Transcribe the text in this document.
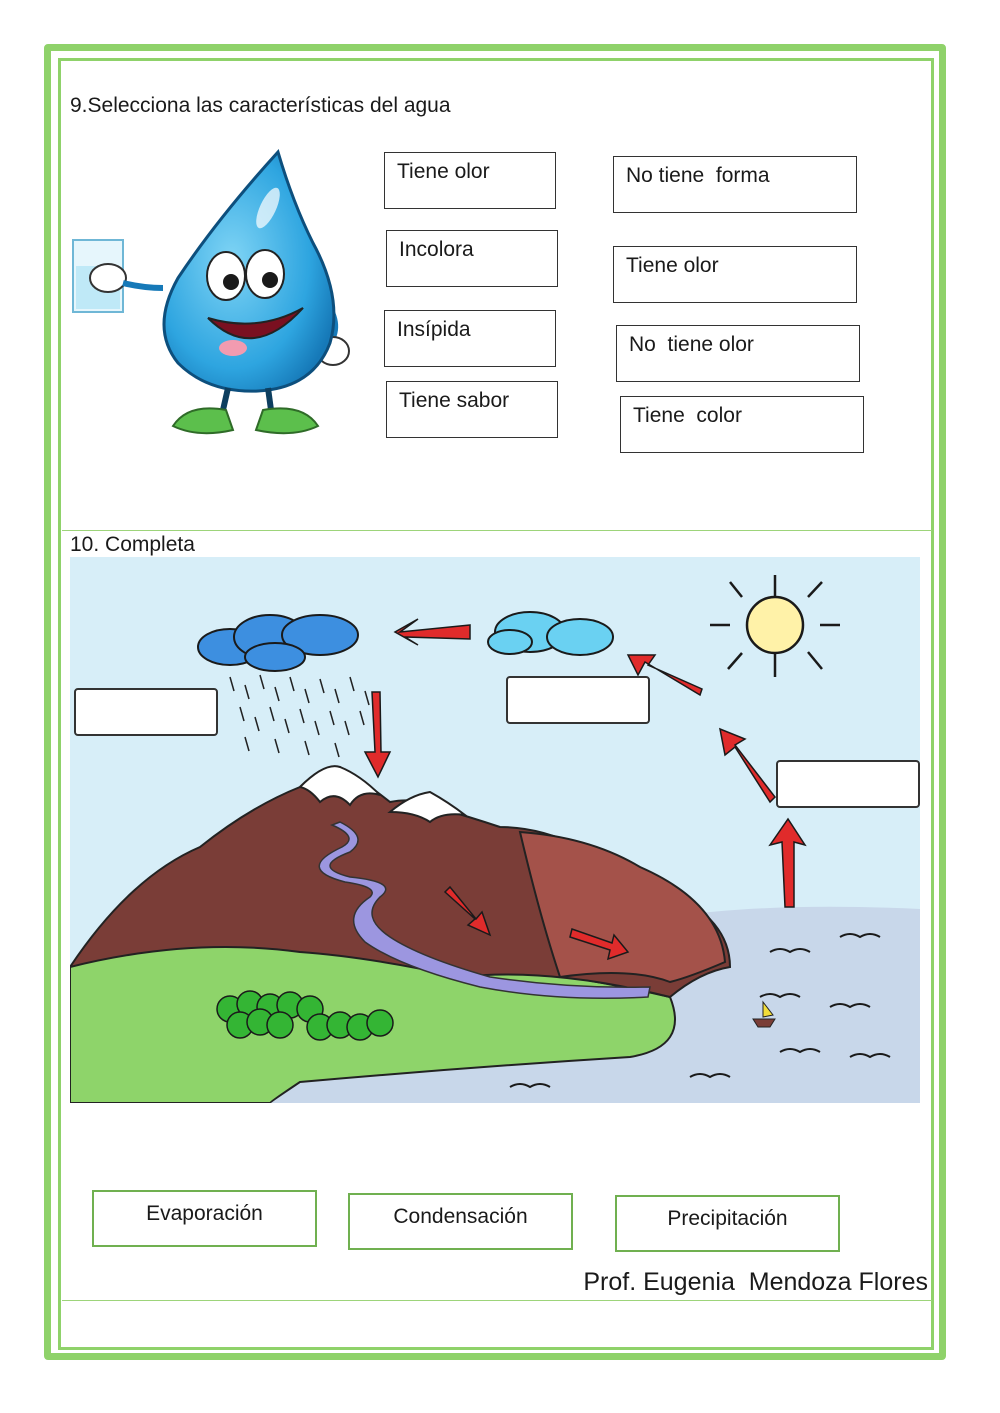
9.Selecciona las características del agua
Tiene olor
Incolora
Insípida
Tiene sabor
No tiene  forma
Tiene olor
No  tiene olor
Tiene  color
10. Completa
Evaporación	Condensación	Precipitación
Prof. Eugenia  Mendoza Flores
